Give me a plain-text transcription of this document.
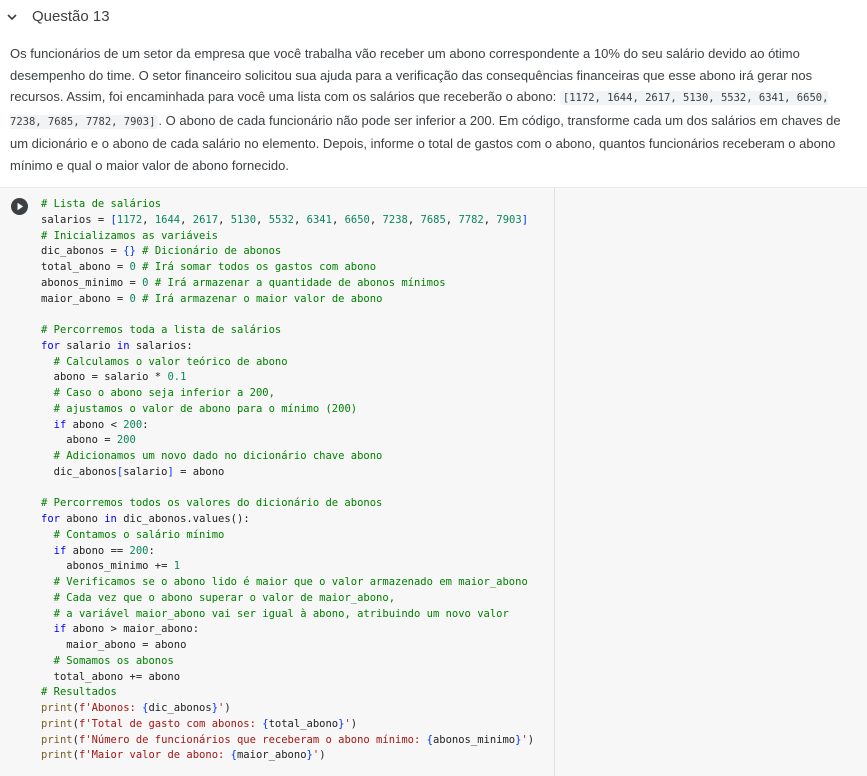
Questão 13
Os funcionários de um setor da empresa que você trabalha vão receber um abono correspondente a 10% do seu salário devido ao ótimo desempenho do time. O setor financeiro solicitou sua ajuda para a verificação das consequências financeiras que esse abono irá gerar nos recursos. Assim, foi encaminhada para você uma lista com os salários que receberão o abono: [1172, 1644, 2617, 5130, 5532, 6341, 6650, 7238, 7685, 7782, 7903] . O abono de cada funcionário não pode ser inferior a 200. Em código, transforme cada um dos salários em chaves de um dicionário e o abono de cada salário no elemento. Depois, informe o total de gastos com o abono, quantos funcionários receberam o abono mínimo e qual o maior valor de abono fornecido.
# Lista de salários
salarios = [1172, 1644, 2617, 5130, 5532, 6341, 6650, 7238, 7685, 7782, 7903]
# Inicializamos as variáveis
dic_abonos = {} # Dicionário de abonos
total_abono = 0 # Irá somar todos os gastos com abono
abonos_minimo = 0 # Irá armazenar a quantidade de abonos mínimos
maior_abono = 0 # Irá armazenar o maior valor de abono
# Percorremos toda a lista de salários
for salario in salarios:
# Calculamos o valor teórico de abono
abono = salario * 0.1
# Caso o abono seja inferior a 200,
# ajustamos o valor de abono para o mínimo (200)
if abono < 200:
abono = 200
# Adicionamos um novo dado no dicionário chave abono
dic_abonos[salario] = abono
# Percorremos todos os valores do dicionário de abonos
for abono in dic_abonos.values():
# Contamos o salário mínimo
if abono == 200:
abonos_minimo += 1
# Verificamos se o abono lido é maior que o valor armazenado em maior_abono
# Cada vez que o abono superar o valor de maior_abono,
# a variável maior_abono vai ser igual à abono, atribuindo um novo valor
if abono > maior_abono:
maior_abono = abono
# Somamos os abonos
total_abono += abono
# Resultados
print(f'Abonos: {dic_abonos}')
print(f'Total de gasto com abonos: {total_abono}')
print(f'Número de funcionários que receberam o abono mínimo: {abonos_minimo}')
print(f'Maior valor de abono: {maior_abono}')
